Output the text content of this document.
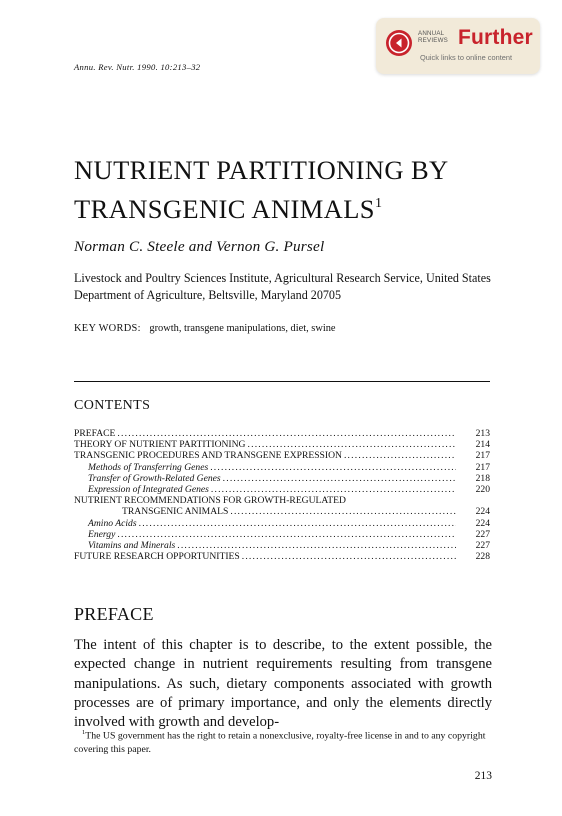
Annu. Rev. Nutr. 1990. 10:213–32
ANNUAL
REVIEWS Further
Quick links to online content
NUTRIENT PARTITIONING BY
TRANSGENIC ANIMALS$^1$
Norman C. Steele and Vernon G. Pursel
Livestock and Poultry Sciences Institute, Agricultural Research Service, United States Department of Agriculture, Beltsville, Maryland 20705
KEY WORDS: growth, transgene manipulations, diet, swine
CONTENTS
PREFACE .....	213
THEORY OF NUTRIENT PARTITIONING .....	214
TRANSGENIC PROCEDURES AND TRANSGENE EXPRESSION .....	217
Methods of Transferring Genes .....	217
Transfer of Growth-Related Genes .....	218
Expression of Integrated Genes .....	220
NUTRIENT RECOMMENDATIONS FOR GROWTH-REGULATED
TRANSGENIC ANIMALS .....	224
Amino Acids .....	224
Energy .....	227
Vitamins and Minerals .....	227
FUTURE RESEARCH OPPORTUNITIES .....	228
PREFACE
The intent of this chapter is to describe, to the extent possible, the expected change in nutrient requirements resulting from transgene manipulations. As such, dietary components associated with growth processes are of primary importance, and only the elements directly involved with growth and develop-
$^1$The US government has the right to retain a nonexclusive, royalty-free license in and to any copyright covering this paper.
213
